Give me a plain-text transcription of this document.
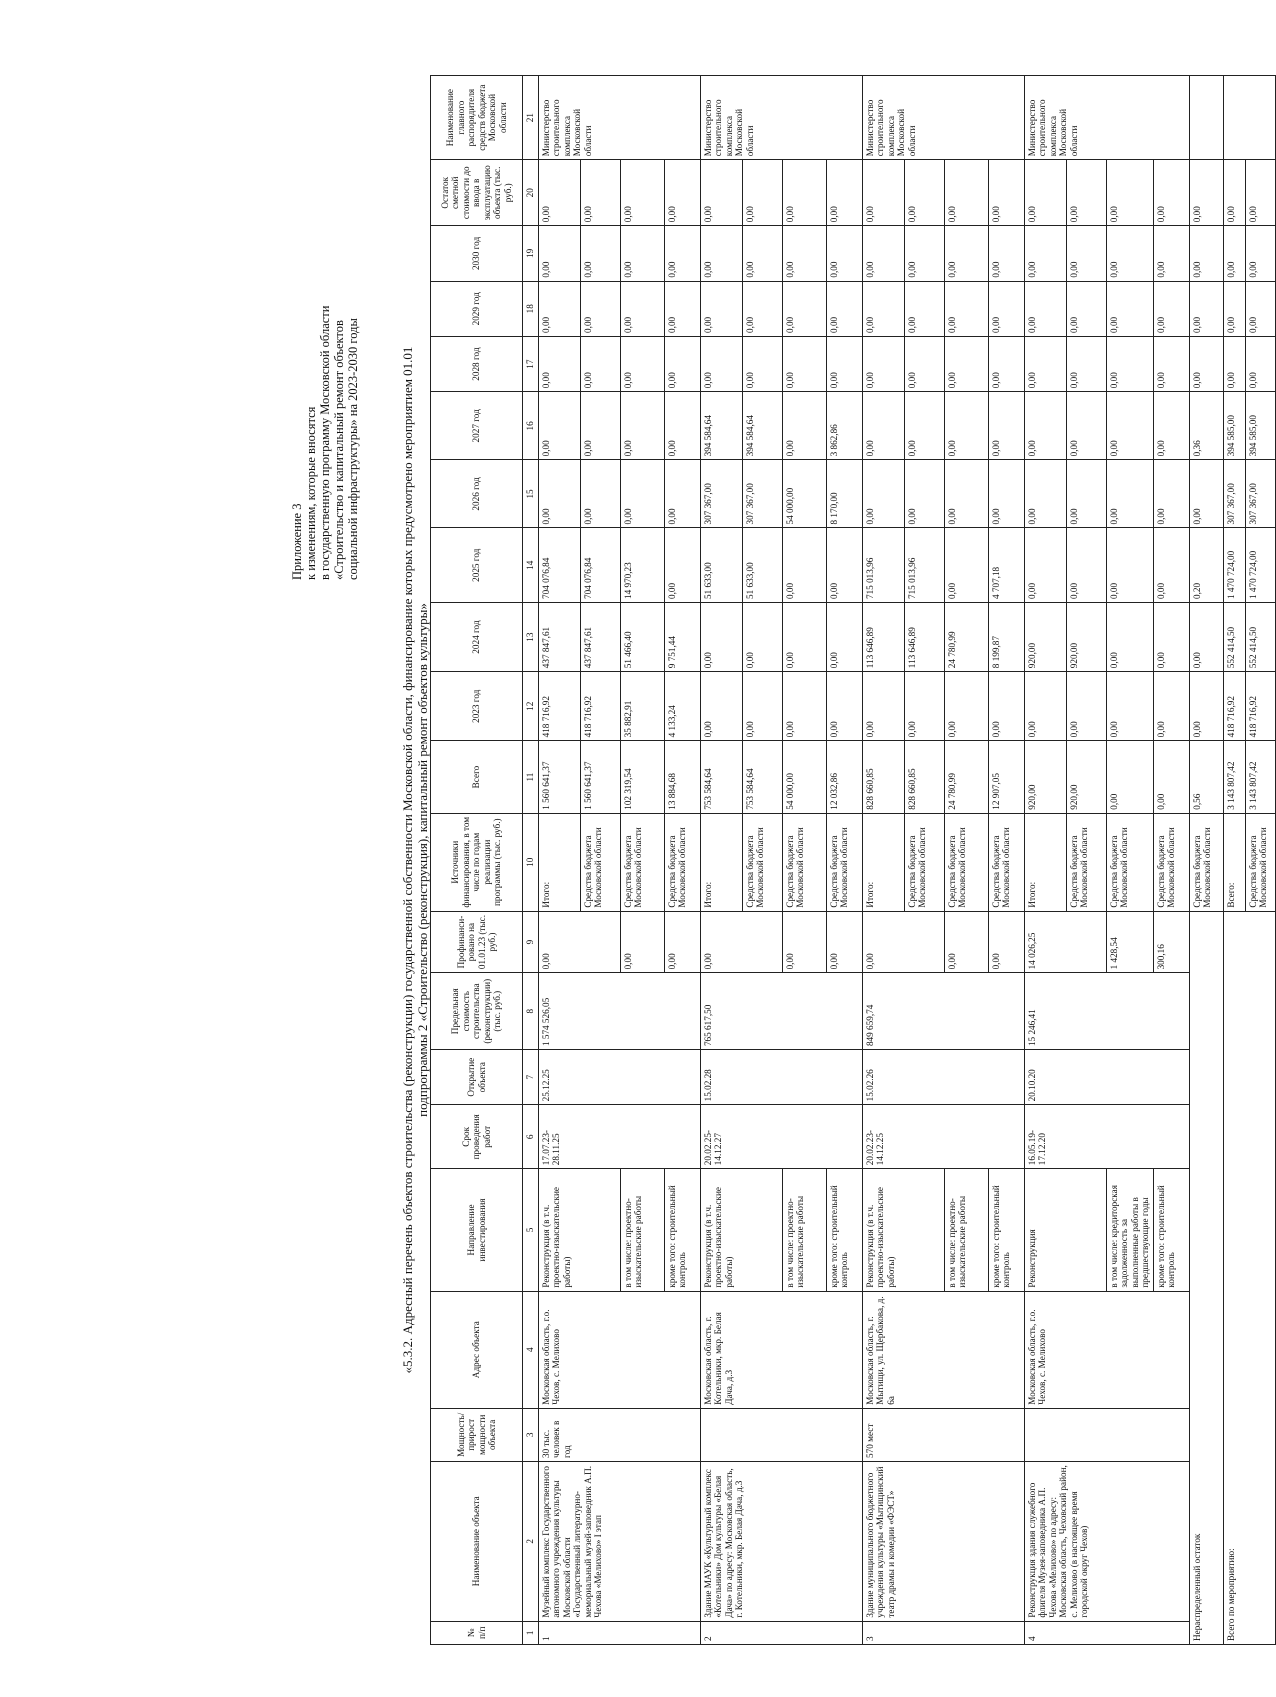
Приложение 3 к изменениям, которые вносятся в государственную программу Московской области «Строительство и капитальный ремонт объектов социальной инфраструктуры» на 2023-2030 годы	«5.3.2. Адресный перечень объектов строительства (реконструкции) государственной собственности Московской области, финансирование которых предусмотрено мероприятием 01.01 подпрограммы 2 «Строительство (реконструкция), капитальный ремонт объектов культуры»
№ п/п	Наименование объекта	Мощность/ прирост мощности объекта	Адрес объекта	Направление инвестирования	Срок проведения работ	Открытие объекта	Предельная стоимость строительства (реконструкции) (тыс. руб.)	Профинанси-ровано на 01.01.23 (тыс. руб.)	Источники финансирования, в том числе по годам реализации программы (тыс. руб.)	Всего	2023 год	2024 год	2025 год	2026 год	2027 год	2028 год	2029 год	2030 год	Остаток сметной стоимости до ввода в эксплуатацию объекта (тыс. руб.)	Наименование главного распорядителя средств бюджета Московской области
1	2	3	4	5	6	7	8	9	10	11	12	13	14	15	16	17	18	19	20	21
1	Музейный комплекс Государственного автономного учреждения культуры Московской области «Государственный литературно-мемориальный музей-заповедник А.П. Чехова «Мелихово» I этап	30 тыс. человек в год	Московская область, г.о. Чехов, с. Мелихово	Реконструкция (в т.ч. проектно-изыскательские работы)	17.07.23-28.11.25	25.12.25	1 574 526,05	0,00	Итого:	1 560 641,37	418 716,92	437 847,61	704 076,84	0,00	0,00	0,00	0,00	0,00	0,00	Министерство строительного комплекса Московской области
									Средства бюджета Московской области	1 560 641,37	418 716,92	437 847,61	704 076,84	0,00	0,00	0,00	0,00	0,00	0,00	
				в том числе: проектно-изыскательские работы				0,00	Средства бюджета Московской области	102 319,54	35 882,91	51 466,40	14 970,23	0,00	0,00	0,00	0,00	0,00	0,00	
				кроме того: строительный контроль				0,00	Средства бюджета Московской области	13 884,68	4 133,24	9 751,44	0,00	0,00	0,00	0,00	0,00	0,00	0,00	
2	Здание МАУК «Культурный комплекс «Котельники» Дом культуры «Белая Дача» по адресу: Московская область, г. Котельники, мкр. Белая Дача, д.3		Московская область, г. Котельники, мкр. Белая Дача, д.3	Реконструкция (в т.ч. проектно-изыскательские работы)	20.02.25-14.12.27	15.02.28	765 617,50	0,00	Итого:	753 584,64	0,00	0,00	51 633,00	307 367,00	394 584,64	0,00	0,00	0,00	0,00	Министерство строительного комплекса Московской области
									Средства бюджета Московской области	753 584,64	0,00	0,00	51 633,00	307 367,00	394 584,64	0,00	0,00	0,00	0,00	
				в том числе: проектно-изыскательские работы				0,00	Средства бюджета Московской области	54 000,00	0,00	0,00	0,00	54 000,00	0,00	0,00	0,00	0,00	0,00	
				кроме того: строительный контроль				0,00	Средства бюджета Московской области	12 032,86	0,00	0,00	0,00	8 170,00	3 862,86	0,00	0,00	0,00	0,00	
3	Здание муниципального бюджетного учреждения культуры «Мытищинский театр драмы и комедии «ФЭСТ»	570 мест	Московская область, г. Мытищи, ул. Щербакова, д. 6а	Реконструкция (в т.ч. проектно-изыскательские работы)	20.02.23-14.12.25	15.02.26	849 659,74	0,00	Итого:	828 660,85	0,00	113 646,89	715 013,96	0,00	0,00	0,00	0,00	0,00	0,00	Министерство строительного комплекса Московской области
									Средства бюджета Московской области	828 660,85	0,00	113 646,89	715 013,96	0,00	0,00	0,00	0,00	0,00	0,00	
				в том числе: проектно-изыскательские работы				0,00	Средства бюджета Московской области	24 780,99	0,00	24 780,99	0,00	0,00	0,00	0,00	0,00	0,00	0,00	
				кроме того: строительный контроль				0,00	Средства бюджета Московской области	12 907,05	0,00	8 199,87	4 707,18	0,00	0,00	0,00	0,00	0,00	0,00	
4	Реконструкция здания служебного флигеля Музея-заповедника А.П. Чехова «Мелихово» по адресу: Московская область, Чеховский район, с. Мелихово (в настоящее время городской округ Чехов)		Московская область, г.о. Чехов, с. Мелихово	Реконструкция	16.05.19-17.12.20	20.10.20	15 246,41	14 026,25	Итого:	920,00	0,00	920,00	0,00	0,00	0,00	0,00	0,00	0,00	0,00	Министерство строительного комплекса Московской области
									Средства бюджета Московской области	920,00	0,00	920,00	0,00	0,00	0,00	0,00	0,00	0,00	0,00	
				в том числе: кредиторская задолженность за выполненные работы в предшествующие годы				1 428,54	Средства бюджета Московской области	0,00	0,00	0,00	0,00	0,00	0,00	0,00	0,00	0,00	0,00	
				кроме того: строительный контроль				300,16	Средства бюджета Московской области	0,00	0,00	0,00	0,00	0,00	0,00	0,00	0,00	0,00	0,00	
Нераспределенный остаток									Средства бюджета Московской области	0,56	0,00	0,00	0,20	0,00	0,36	0,00	0,00	0,00	0,00	
Всего по мероприятию:									Всего:	3 143 807,42	418 716,92	552 414,50	1 470 724,00	307 367,00	394 585,00	0,00	0,00	0,00	0,00	
									Средства бюджета Московской области	3 143 807,42	418 716,92	552 414,50	1 470 724,00	307 367,00	394 585,00	0,00	0,00	0,00	0,00	
